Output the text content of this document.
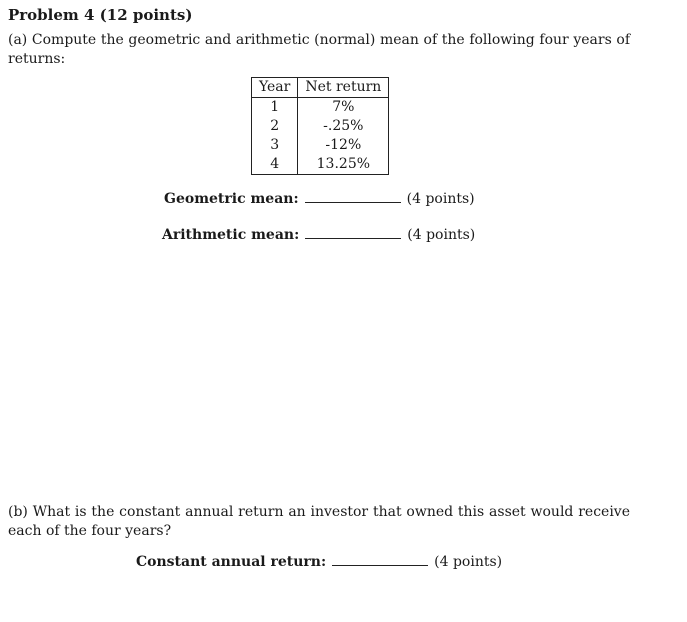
Problem 4 (12 points)
(a) Compute the geometric and arithmetic (normal) mean of the following four years of returns:
Year	Net return
1	7%
2	-.25%
3	-12%
4	13.25%
Geometric mean:	(4 points)
Arithmetic mean:	(4 points)
(b) What is the constant annual return an investor that owned this asset would receive each of the four years?
Constant annual return:	(4 points)
